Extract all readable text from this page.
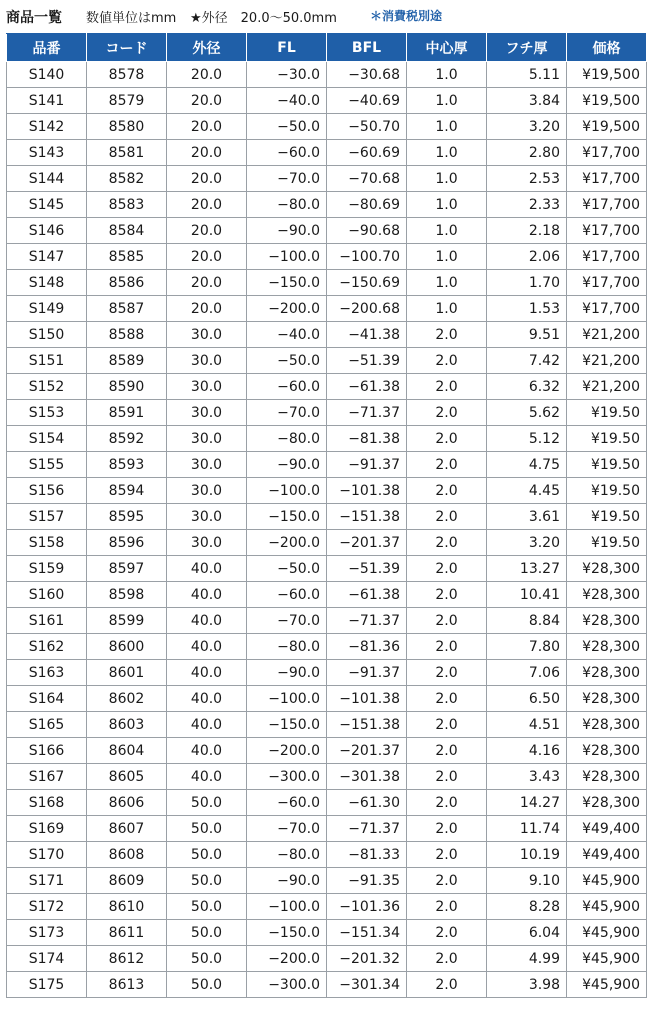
商品一覧 数値単位はmm ★外径　20.0〜50.0mm	＊消費税別途
品番	コード	外径	FL	BFL	中心厚	フチ厚	価格
S140	8578	20.0	−30.0	−30.68	1.0	5.11	¥19,500
S141	8579	20.0	−40.0	−40.69	1.0	3.84	¥19,500
S142	8580	20.0	−50.0	−50.70	1.0	3.20	¥19,500
S143	8581	20.0	−60.0	−60.69	1.0	2.80	¥17,700
S144	8582	20.0	−70.0	−70.68	1.0	2.53	¥17,700
S145	8583	20.0	−80.0	−80.69	1.0	2.33	¥17,700
S146	8584	20.0	−90.0	−90.68	1.0	2.18	¥17,700
S147	8585	20.0	−100.0	−100.70	1.0	2.06	¥17,700
S148	8586	20.0	−150.0	−150.69	1.0	1.70	¥17,700
S149	8587	20.0	−200.0	−200.68	1.0	1.53	¥17,700
S150	8588	30.0	−40.0	−41.38	2.0	9.51	¥21,200
S151	8589	30.0	−50.0	−51.39	2.0	7.42	¥21,200
S152	8590	30.0	−60.0	−61.38	2.0	6.32	¥21,200
S153	8591	30.0	−70.0	−71.37	2.0	5.62	¥19.50
S154	8592	30.0	−80.0	−81.38	2.0	5.12	¥19.50
S155	8593	30.0	−90.0	−91.37	2.0	4.75	¥19.50
S156	8594	30.0	−100.0	−101.38	2.0	4.45	¥19.50
S157	8595	30.0	−150.0	−151.38	2.0	3.61	¥19.50
S158	8596	30.0	−200.0	−201.37	2.0	3.20	¥19.50
S159	8597	40.0	−50.0	−51.39	2.0	13.27	¥28,300
S160	8598	40.0	−60.0	−61.38	2.0	10.41	¥28,300
S161	8599	40.0	−70.0	−71.37	2.0	8.84	¥28,300
S162	8600	40.0	−80.0	−81.36	2.0	7.80	¥28,300
S163	8601	40.0	−90.0	−91.37	2.0	7.06	¥28,300
S164	8602	40.0	−100.0	−101.38	2.0	6.50	¥28,300
S165	8603	40.0	−150.0	−151.38	2.0	4.51	¥28,300
S166	8604	40.0	−200.0	−201.37	2.0	4.16	¥28,300
S167	8605	40.0	−300.0	−301.38	2.0	3.43	¥28,300
S168	8606	50.0	−60.0	−61.30	2.0	14.27	¥28,300
S169	8607	50.0	−70.0	−71.37	2.0	11.74	¥49,400
S170	8608	50.0	−80.0	−81.33	2.0	10.19	¥49,400
S171	8609	50.0	−90.0	−91.35	2.0	9.10	¥45,900
S172	8610	50.0	−100.0	−101.36	2.0	8.28	¥45,900
S173	8611	50.0	−150.0	−151.34	2.0	6.04	¥45,900
S174	8612	50.0	−200.0	−201.32	2.0	4.99	¥45,900
S175	8613	50.0	−300.0	−301.34	2.0	3.98	¥45,900
